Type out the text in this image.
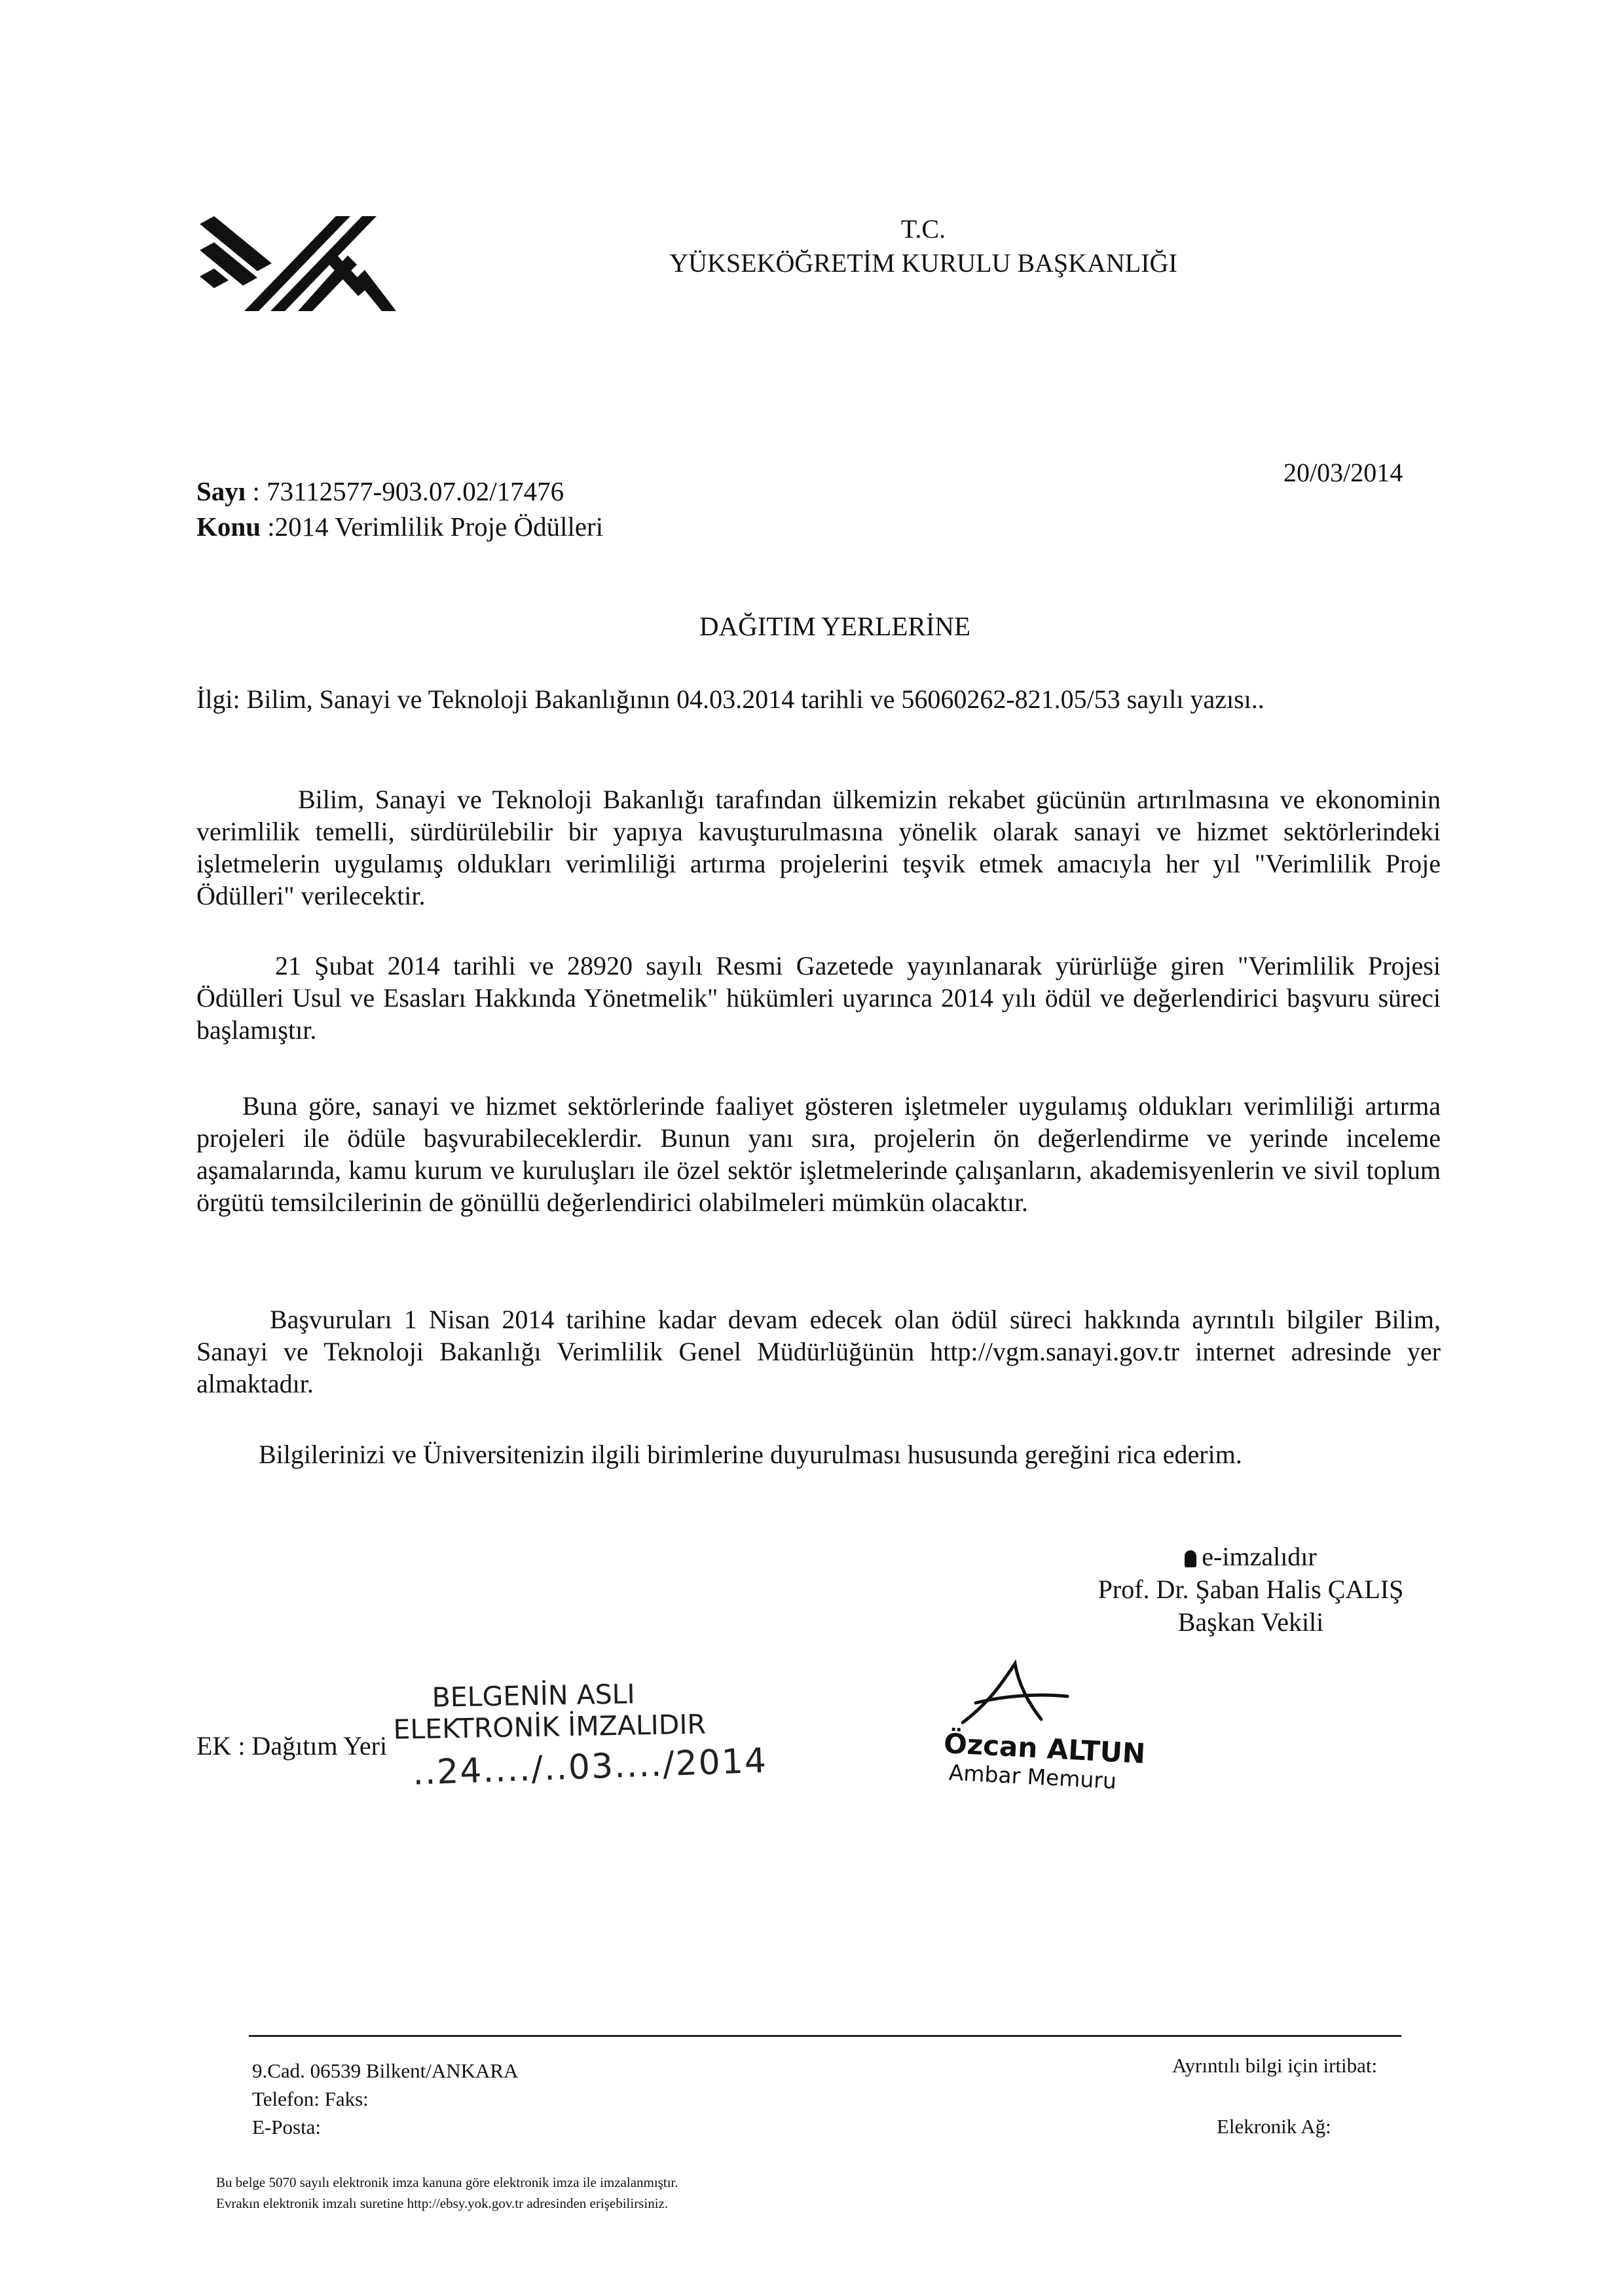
T.C.
YÜKSEKÖĞRETİM KURULU BAŞKANLIĞI
Sayı : 73112577-903.07.02/17476
Konu :2014 Verimlilik Proje Ödülleri
20/03/2014
DAĞITIM YERLERİNE
İlgi: Bilim, Sanayi ve Teknoloji Bakanlığının 04.03.2014 tarihli ve 56060262-821.05/53 sayılı yazısı..
Bilim, Sanayi ve Teknoloji Bakanlığı tarafından ülkemizin rekabet gücünün artırılmasına ve ekonominin verimlilik temelli, sürdürülebilir bir yapıya kavuşturulmasına yönelik olarak sanayi ve hizmet sektörlerindeki işletmelerin uygulamış oldukları verimliliği artırma projelerini teşvik etmek amacıyla her yıl "Verimlilik Proje Ödülleri" verilecektir.
21 Şubat 2014 tarihli ve 28920 sayılı Resmi Gazetede yayınlanarak yürürlüğe giren "Verimlilik Projesi Ödülleri Usul ve Esasları Hakkında Yönetmelik" hükümleri uyarınca 2014 yılı ödül ve değerlendirici başvuru süreci başlamıştır.
Buna göre, sanayi ve hizmet sektörlerinde faaliyet gösteren işletmeler uygulamış oldukları verimliliği artırma projeleri ile ödüle başvurabileceklerdir. Bunun yanı sıra, projelerin ön değerlendirme ve yerinde inceleme aşamalarında, kamu kurum ve kuruluşları ile özel sektör işletmelerinde çalışanların, akademisyenlerin ve sivil toplum örgütü temsilcilerinin de gönüllü değerlendirici olabilmeleri mümkün olacaktır.
Başvuruları 1 Nisan 2014 tarihine kadar devam edecek olan ödül süreci hakkında ayrıntılı bilgiler Bilim, Sanayi ve Teknoloji Bakanlığı Verimlilik Genel Müdürlüğünün http://vgm.sanayi.gov.tr internet adresinde yer almaktadır.
Bilgilerinizi ve Üniversitenizin ilgili birimlerine duyurulması hususunda gereğini rica ederim.
e-imzalıdır
Prof. Dr. Şaban Halis ÇALIŞ
Başkan Vekili
EK : Dağıtım Yeri
BELGENİN ASLI
ELEKTRONİK İMZALIDIR
..24..../..03..../2014	Özcan ALTUN
Ambar Memuru
9.Cad. 06539 Bilkent/ANKARA
Telefon: Faks:
E-Posta:
Ayrıntılı bilgi için irtibat:
Elekronik Ağ:
Bu belge 5070 sayılı elektronik imza kanuna göre elektronik imza ile imzalanmıştır.
Evrakın elektronik imzalı suretine http://ebsy.yok.gov.tr adresinden erişebilirsiniz.
